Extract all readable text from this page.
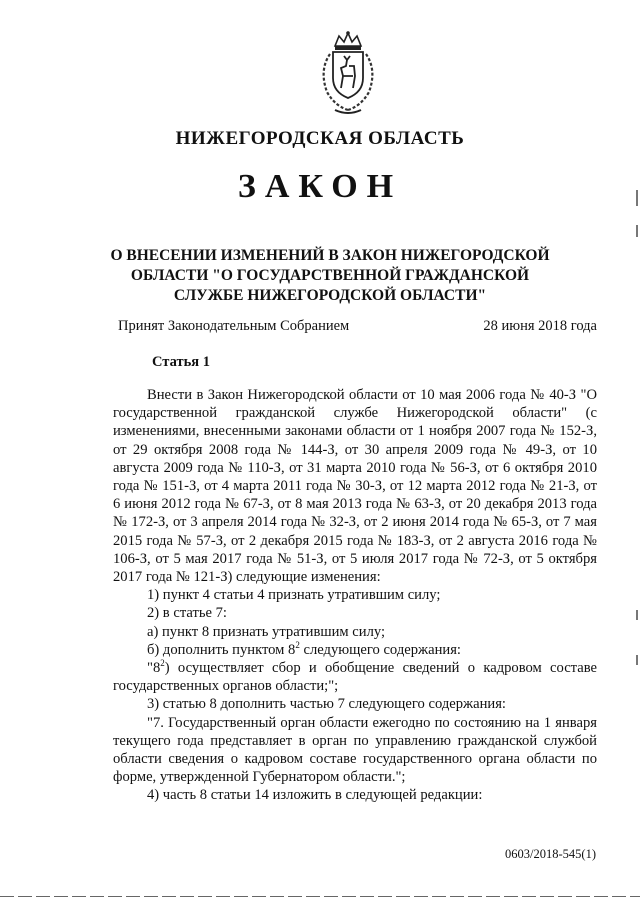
НИЖЕГОРОДСКАЯ ОБЛАСТЬ
ЗАКОН
О ВНЕСЕНИИ ИЗМЕНЕНИЙ В ЗАКОН НИЖЕГОРОДСКОЙ ОБЛАСТИ "О ГОСУДАРСТВЕННОЙ ГРАЖДАНСКОЙ СЛУЖБЕ НИЖЕГОРОДСКОЙ ОБЛАСТИ"
Принят Законодательным Собранием	28 июня 2018 года
Статья 1

Внести в Закон Нижегородской области от 10 мая 2006 года № 40-З "О государственной гражданской службе Нижегородской области" (с изменениями, внесенными законами области от 1 ноября 2007 года № 152-З, от 29 октября 2008 года № 144-З, от 30 апреля 2009 года № 49-З, от 10 августа 2009 года № 110-З, от 31 марта 2010 года № 56-З, от 6 октября 2010 года № 151-З, от 4 марта 2011 года № 30-З, от 12 марта 2012 года № 21-З, от 6 июня 2012 года № 67-З, от 8 мая 2013 года № 63-З, от 20 декабря 2013 года № 172-З, от 3 апреля 2014 года № 32-З, от 2 июня 2014 года № 65-З, от 7 мая 2015 года № 57-З, от 2 декабря 2015 года № 183-З, от 2 августа 2016 года № 106-З, от 5 мая 2017 года № 51-З, от 5 июля 2017 года № 72-З, от 5 октября 2017 года № 121-З) следующие изменения:

1) пункт 4 статьи 4 признать утратившим силу;

2) в статье 7:

а) пункт 8 признать утратившим силу;

б) дополнить пунктом $8^2$ следующего содержания:

"$8^2$) осуществляет сбор и обобщение сведений о кадровом составе государственных органов области;";

3) статью 8 дополнить частью 7 следующего содержания:

"7. Государственный орган области ежегодно по состоянию на 1 января текущего года представляет в орган по управлению гражданской службой области сведения о кадровом составе государственного органа области по форме, утвержденной Губернатором области.";

4) часть 8 статьи 14 изложить в следующей редакции:

0603/2018-545(1)
